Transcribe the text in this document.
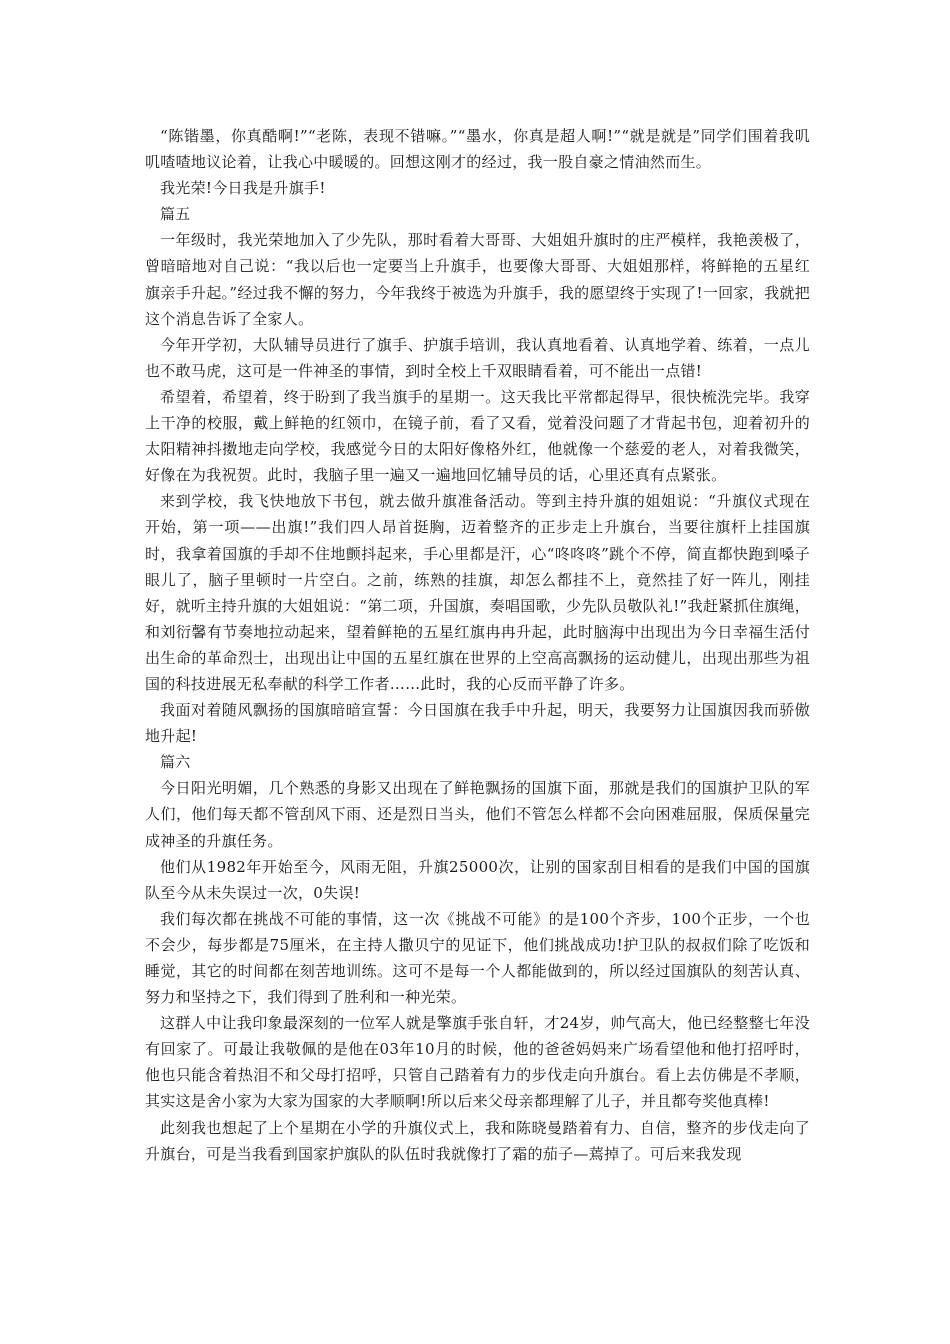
“陈锴墨，你真酷啊!”“老陈，表现不错嘛。”“墨水，你真是超人啊!”“就是就是”同学们围着我叽叽喳喳地议论着，让我心中暖暖的。回想这刚才的经过，我一股自豪之情油然而生。

我光荣!今日我是升旗手!

篇五

一年级时，我光荣地加入了少先队，那时看着大哥哥、大姐姐升旗时的庄严模样，我艳羡极了，曾暗暗地对自己说：“我以后也一定要当上升旗手，也要像大哥哥、大姐姐那样，将鲜艳的五星红旗亲手升起。”经过我不懈的努力，今年我终于被选为升旗手，我的愿望终于实现了!一回家，我就把这个消息告诉了全家人。

今年开学初，大队辅导员进行了旗手、护旗手培训，我认真地看着、认真地学着、练着，一点儿也不敢马虎，这可是一件神圣的事情，到时全校上千双眼睛看着，可不能出一点错!

希望着，希望着，终于盼到了我当旗手的星期一。这天我比平常都起得早，很快梳洗完毕。我穿上干净的校服，戴上鲜艳的红领巾，在镜子前，看了又看，觉着没问题了才背起书包，迎着初升的太阳精神抖擞地走向学校，我感觉今日的太阳好像格外红，他就像一个慈爱的老人，对着我微笑，好像在为我祝贺。此时，我脑子里一遍又一遍地回忆辅导员的话，心里还真有点紧张。

来到学校，我飞快地放下书包，就去做升旗准备活动。等到主持升旗的姐姐说：“升旗仪式现在开始，第一项——出旗!”我们四人昂首挺胸，迈着整齐的正步走上升旗台，当要往旗杆上挂国旗时，我拿着国旗的手却不住地颤抖起来，手心里都是汗，心“咚咚咚”跳个不停，简直都快跑到嗓子眼儿了，脑子里顿时一片空白。之前，练熟的挂旗，却怎么都挂不上，竟然挂了好一阵儿，刚挂好，就听主持升旗的大姐姐说：“第二项，升国旗，奏唱国歌，少先队员敬队礼!”我赶紧抓住旗绳，和刘衍馨有节奏地拉动起来，望着鲜艳的五星红旗冉冉升起，此时脑海中出现出为今日幸福生活付出生命的革命烈士，出现出让中国的五星红旗在世界的上空高高飘扬的运动健儿，出现出那些为祖国的科技进展无私奉献的科学工作者……此时，我的心反而平静了许多。

我面对着随风飘扬的国旗暗暗宣誓：今日国旗在我手中升起，明天，我要努力让国旗因我而骄傲地升起!

篇六

今日阳光明媚，几个熟悉的身影又出现在了鲜艳飘扬的国旗下面，那就是我们的国旗护卫队的军人们，他们每天都不管刮风下雨、还是烈日当头，他们不管怎么样都不会向困难屈服，保质保量完成神圣的升旗任务。

他们从1982年开始至今，风雨无阻，升旗25000次，让别的国家刮目相看的是我们中国的国旗队至今从未失误过一次，0失误!

我们每次都在挑战不可能的事情，这一次《挑战不可能》的是100个齐步，100个正步，一个也不会少，每步都是75厘米，在主持人撒贝宁的见证下，他们挑战成功!护卫队的叔叔们除了吃饭和睡觉，其它的时间都在刻苦地训练。这可不是每一个人都能做到的，所以经过国旗队的刻苦认真、努力和坚持之下，我们得到了胜利和一种光荣。

这群人中让我印象最深刻的一位军人就是擎旗手张自轩，才24岁，帅气高大，他已经整整七年没有回家了。可最让我敬佩的是他在03年10月的时候，他的爸爸妈妈来广场看望他和他打招呼时，他也只能含着热泪不和父母打招呼，只管自己踏着有力的步伐走向升旗台。看上去仿佛是不孝顺，其实这是舍小家为大家为国家的大孝顺啊!所以后来父母亲都理解了儿子，并且都夸奖他真棒!

此刻我也想起了上个星期在小学的升旗仪式上，我和陈晓曼踏着有力、自信，整齐的步伐走向了升旗台，可是当我看到国家护旗队的队伍时我就像打了霜的茄子—蔫掉了。可后来我发现
